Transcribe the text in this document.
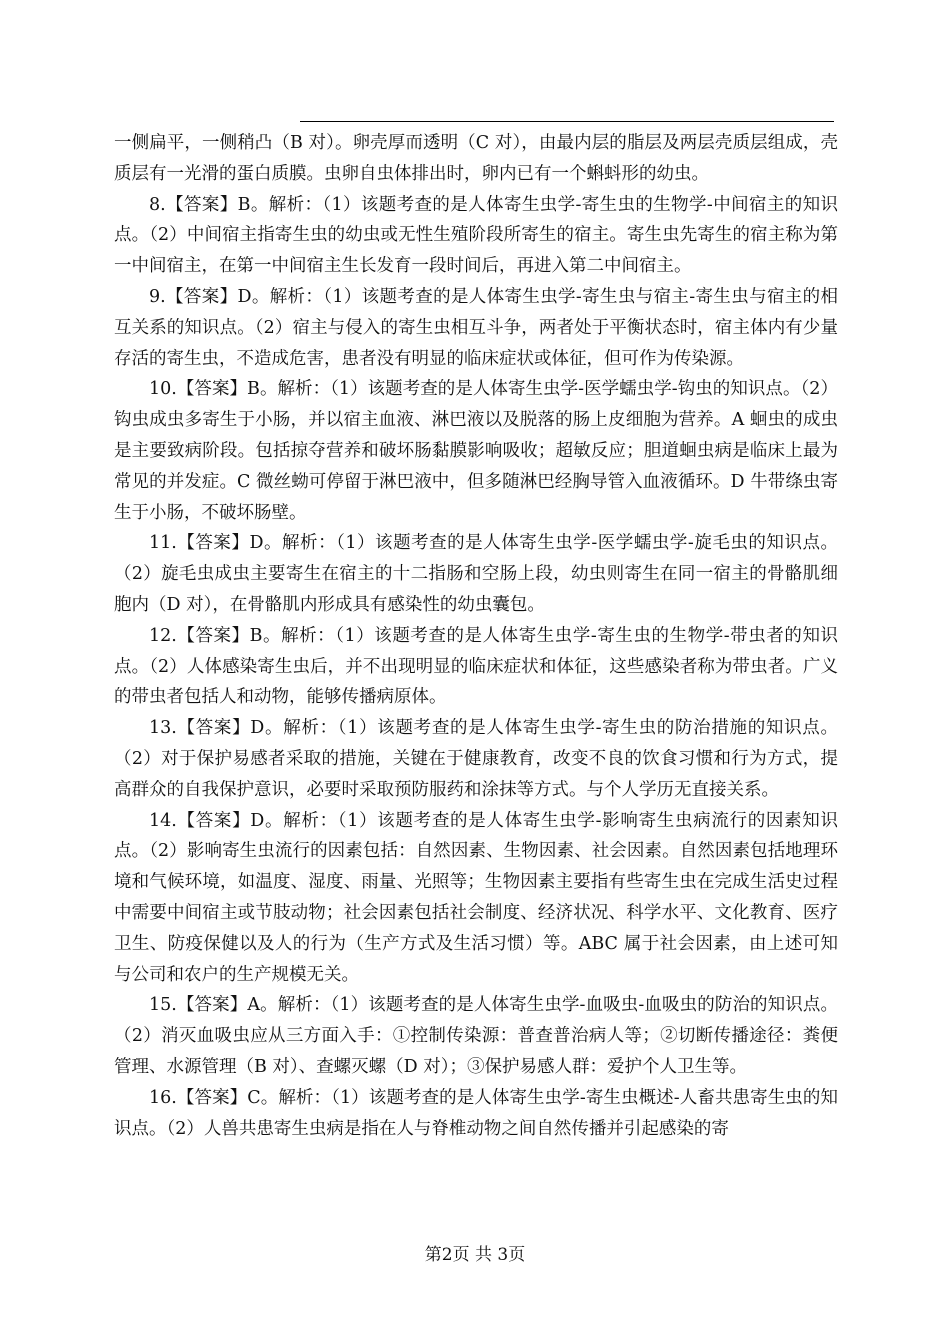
一侧扁平，一侧稍凸（B 对）。卵壳厚而透明（C 对），由最内层的脂层及两层壳质层组成，壳质层有一光滑的蛋白质膜。虫卵自虫体排出时，卵内已有一个蝌蚪形的幼虫。

8.【答案】B。解析：（1）该题考查的是人体寄生虫学-寄生虫的生物学-中间宿主的知识点。（2）中间宿主指寄生虫的幼虫或无性生殖阶段所寄生的宿主。寄生虫先寄生的宿主称为第一中间宿主，在第一中间宿主生长发育一段时间后，再进入第二中间宿主。

9.【答案】D。解析：（1）该题考查的是人体寄生虫学-寄生虫与宿主-寄生虫与宿主的相互关系的知识点。（2）宿主与侵入的寄生虫相互斗争，两者处于平衡状态时，宿主体内有少量存活的寄生虫，不造成危害，患者没有明显的临床症状或体征，但可作为传染源。

10.【答案】B。解析：（1）该题考查的是人体寄生虫学-医学蠕虫学-钩虫的知识点。（2）钩虫成虫多寄生于小肠，并以宿主血液、淋巴液以及脱落的肠上皮细胞为营养。A 蛔虫的成虫是主要致病阶段。包括掠夺营养和破坏肠黏膜影响吸收；超敏反应；胆道蛔虫病是临床上最为常见的并发症。C 微丝蚴可停留于淋巴液中，但多随淋巴经胸导管入血液循环。D 牛带绦虫寄生于小肠，不破坏肠壁。

11.【答案】D。解析：（1）该题考查的是人体寄生虫学-医学蠕虫学-旋毛虫的知识点。（2）旋毛虫成虫主要寄生在宿主的十二指肠和空肠上段，幼虫则寄生在同一宿主的骨骼肌细胞内（D 对），在骨骼肌内形成具有感染性的幼虫囊包。

12.【答案】B。解析：（1）该题考查的是人体寄生虫学-寄生虫的生物学-带虫者的知识点。（2）人体感染寄生虫后，并不出现明显的临床症状和体征，这些感染者称为带虫者。广义的带虫者包括人和动物，能够传播病原体。

13.【答案】D。解析：（1）该题考查的是人体寄生虫学-寄生虫的防治措施的知识点。（2）对于保护易感者采取的措施，关键在于健康教育，改变不良的饮食习惯和行为方式，提高群众的自我保护意识，必要时采取预防服药和涂抹等方式。与个人学历无直接关系。

14.【答案】D。解析：（1）该题考查的是人体寄生虫学-影响寄生虫病流行的因素知识点。（2）影响寄生虫流行的因素包括：自然因素、生物因素、社会因素。自然因素包括地理环境和气候环境，如温度、湿度、雨量、光照等；生物因素主要指有些寄生虫在完成生活史过程中需要中间宿主或节肢动物；社会因素包括社会制度、经济状况、科学水平、文化教育、医疗卫生、防疫保健以及人的行为（生产方式及生活习惯）等。ABC 属于社会因素，由上述可知与公司和农户的生产规模无关。

15.【答案】A。解析：（1）该题考查的是人体寄生虫学-血吸虫-血吸虫的防治的知识点。（2）消灭血吸虫应从三方面入手：①控制传染源：普查普治病人等；②切断传播途径：粪便管理、水源管理（B 对）、查螺灭螺（D 对）；③保护易感人群：爱护个人卫生等。

16.【答案】C。解析：（1）该题考查的是人体寄生虫学-寄生虫概述-人畜共患寄生虫的知识点。（2）人兽共患寄生虫病是指在人与脊椎动物之间自然传播并引起感染的寄

第2页 共 3页
